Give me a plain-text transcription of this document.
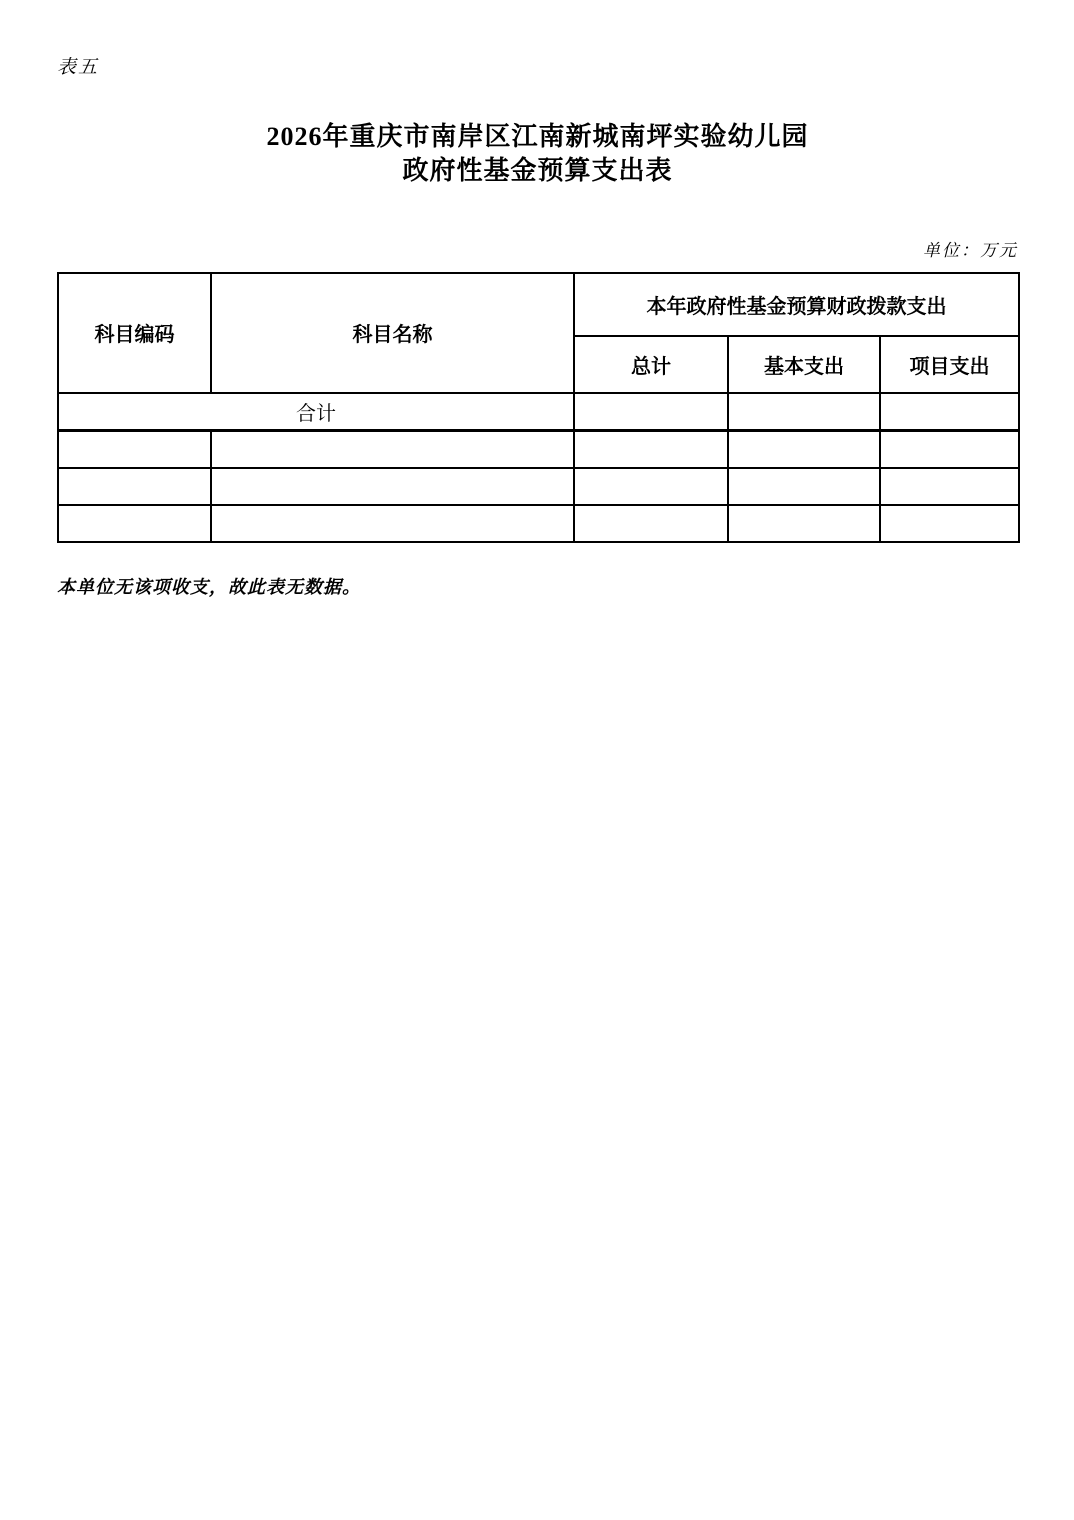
表五
2026年重庆市南岸区江南新城南坪实验幼儿园
政府性基金预算支出表
单位：万元
科目编码	科目名称	本年政府性基金预算财政拨款支出		
		总计	基本支出	项目支出
合计				

本单位无该项收支，故此表无数据。
